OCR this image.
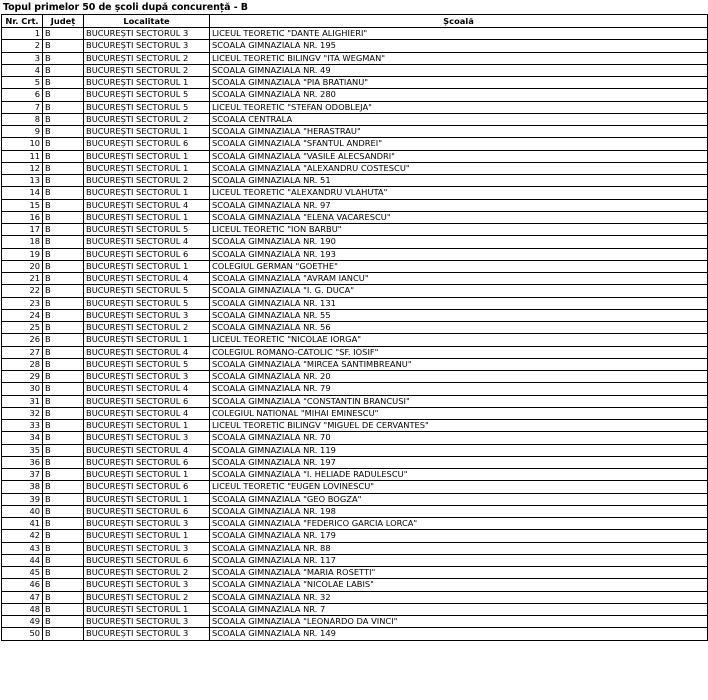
Topul primelor 50 de școli după concurență - B
Nr. Crt.	Județ	Localitate	Școală
1	B	BUCUREȘTI SECTORUL 3	LICEUL TEORETIC "DANTE ALIGHIERI"
2	B	BUCUREȘTI SECTORUL 3	SCOALA GIMNAZIALA NR. 195
3	B	BUCUREȘTI SECTORUL 2	LICEUL TEORETIC BILINGV "ITA WEGMAN"
4	B	BUCUREȘTI SECTORUL 2	SCOALA GIMNAZIALA NR. 49
5	B	BUCUREȘTI SECTORUL 1	SCOALA GIMNAZIALA "PIA BRATIANU"
6	B	BUCUREȘTI SECTORUL 5	SCOALA GIMNAZIALA NR. 280
7	B	BUCUREȘTI SECTORUL 5	LICEUL TEORETIC "STEFAN ODOBLEJA"
8	B	BUCUREȘTI SECTORUL 2	SCOALA CENTRALA
9	B	BUCUREȘTI SECTORUL 1	SCOALA GIMNAZIALA "HERASTRAU"
10	B	BUCUREȘTI SECTORUL 6	SCOALA GIMNAZIALA "SFANTUL ANDREI"
11	B	BUCUREȘTI SECTORUL 1	SCOALA GIMNAZIALA "VASILE ALECSANDRI"
12	B	BUCUREȘTI SECTORUL 1	SCOALA GIMNAZIALA "ALEXANDRU COSTESCU"
13	B	BUCUREȘTI SECTORUL 2	SCOALA GIMNAZIALA NR. 51
14	B	BUCUREȘTI SECTORUL 1	LICEUL TEORETIC "ALEXANDRU VLAHUTA"
15	B	BUCUREȘTI SECTORUL 4	SCOALA GIMNAZIALA NR. 97
16	B	BUCUREȘTI SECTORUL 1	SCOALA GIMNAZIALA "ELENA VACARESCU"
17	B	BUCUREȘTI SECTORUL 5	LICEUL TEORETIC "ION BARBU"
18	B	BUCUREȘTI SECTORUL 4	SCOALA GIMNAZIALA NR. 190
19	B	BUCUREȘTI SECTORUL 6	SCOALA GIMNAZIALA NR. 193
20	B	BUCUREȘTI SECTORUL 1	COLEGIUL GERMAN "GOETHE"
21	B	BUCUREȘTI SECTORUL 4	SCOALA GIMNAZIALA "AVRAM IANCU"
22	B	BUCUREȘTI SECTORUL 5	SCOALA GIMNAZIALA "I. G. DUCA"
23	B	BUCUREȘTI SECTORUL 5	SCOALA GIMNAZIALA NR. 131
24	B	BUCUREȘTI SECTORUL 3	SCOALA GIMNAZIALA NR. 55
25	B	BUCUREȘTI SECTORUL 2	SCOALA GIMNAZIALA NR. 56
26	B	BUCUREȘTI SECTORUL 1	LICEUL TEORETIC "NICOLAE IORGA"
27	B	BUCUREȘTI SECTORUL 4	COLEGIUL ROMANO-CATOLIC "SF. IOSIF"
28	B	BUCUREȘTI SECTORUL 5	SCOALA GIMNAZIALA "MIRCEA SANTIMBREANU"
29	B	BUCUREȘTI SECTORUL 3	SCOALA GIMNAZIALA NR. 20
30	B	BUCUREȘTI SECTORUL 4	SCOALA GIMNAZIALA NR. 79
31	B	BUCUREȘTI SECTORUL 6	SCOALA GIMNAZIALA "CONSTANTIN BRANCUSI"
32	B	BUCUREȘTI SECTORUL 4	COLEGIUL NATIONAL "MIHAI EMINESCU"
33	B	BUCUREȘTI SECTORUL 1	LICEUL TEORETIC BILINGV "MIGUEL DE CERVANTES"
34	B	BUCUREȘTI SECTORUL 3	SCOALA GIMNAZIALA NR. 70
35	B	BUCUREȘTI SECTORUL 4	SCOALA GIMNAZIALA NR. 119
36	B	BUCUREȘTI SECTORUL 6	SCOALA GIMNAZIALA NR. 197
37	B	BUCUREȘTI SECTORUL 1	SCOALA GIMNAZIALA "I. HELIADE RADULESCU"
38	B	BUCUREȘTI SECTORUL 6	LICEUL TEORETIC "EUGEN LOVINESCU"
39	B	BUCUREȘTI SECTORUL 1	SCOALA GIMNAZIALA "GEO BOGZA"
40	B	BUCUREȘTI SECTORUL 6	SCOALA GIMNAZIALA NR. 198
41	B	BUCUREȘTI SECTORUL 3	SCOALA GIMNAZIALA "FEDERICO GARCIA LORCA"
42	B	BUCUREȘTI SECTORUL 1	SCOALA GIMNAZIALA NR. 179
43	B	BUCUREȘTI SECTORUL 3	SCOALA GIMNAZIALA NR. 88
44	B	BUCUREȘTI SECTORUL 6	SCOALA GIMNAZIALA NR. 117
45	B	BUCUREȘTI SECTORUL 2	SCOALA GIMNAZIALA "MARIA ROSETTI"
46	B	BUCUREȘTI SECTORUL 3	SCOALA GIMNAZIALA "NICOLAE LABIS"
47	B	BUCUREȘTI SECTORUL 2	SCOALA GIMNAZIALA NR. 32
48	B	BUCUREȘTI SECTORUL 1	SCOALA GIMNAZIALA NR. 7
49	B	BUCUREȘTI SECTORUL 3	SCOALA GIMNAZIALA "LEONARDO DA VINCI"
50	B	BUCUREȘTI SECTORUL 3	SCOALA GIMNAZIALA NR. 149
